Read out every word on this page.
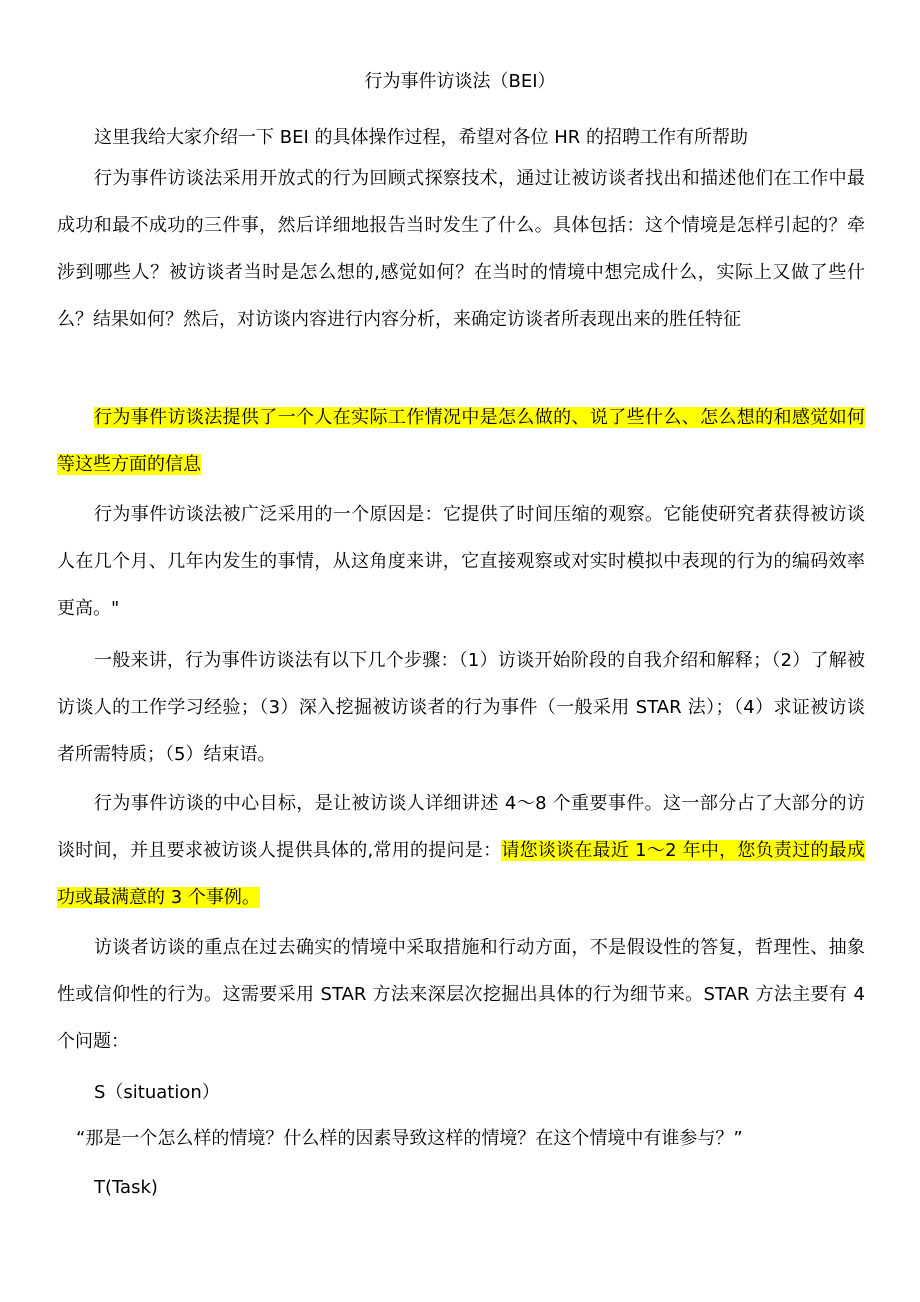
行为事件访谈法（BEI）

这里我给大家介绍一下 BEI 的具体操作过程，希望对各位 HR 的招聘工作有所帮助

行为事件访谈法采用开放式的行为回顾式探察技术，通过让被访谈者找出和描述他们在工作中最成功和最不成功的三件事，然后详细地报告当时发生了什么。具体包括：这个情境是怎样引起的？牵涉到哪些人？被访谈者当时是怎么想的,感觉如何？在当时的情境中想完成什么，实际上又做了些什么？结果如何？然后，对访谈内容进行内容分析，来确定访谈者所表现出来的胜任特征

行为事件访谈法提供了一个人在实际工作情况中是怎么做的、说了些什么、怎么想的和感觉如何等这些方面的信息

行为事件访谈法被广泛采用的一个原因是：它提供了时间压缩的观察。它能使研究者获得被访谈人在几个月、几年内发生的事情，从这角度来讲，它直接观察或对实时模拟中表现的行为的编码效率更高。"

一般来讲，行为事件访谈法有以下几个步骤：（1）访谈开始阶段的自我介绍和解释；（2）了解被访谈人的工作学习经验；（3）深入挖掘被访谈者的行为事件（一般采用 STAR 法）；（4）求证被访谈者所需特质；（5）结束语。

行为事件访谈的中心目标，是让被访谈人详细讲述 4～8 个重要事件。这一部分占了大部分的访谈时间，并且要求被访谈人提供具体的,常用的提问是：请您谈谈在最近 1～2 年中，您负责过的最成功或最满意的 3 个事例。

访谈者访谈的重点在过去确实的情境中采取措施和行动方面，不是假设性的答复，哲理性、抽象性或信仰性的行为。这需要采用 STAR 方法来深层次挖掘出具体的行为细节来。STAR 方法主要有 4 个问题：

S（situation）

“那是一个怎么样的情境？什么样的因素导致这样的情境？在这个情境中有谁参与？”

T(Task)
